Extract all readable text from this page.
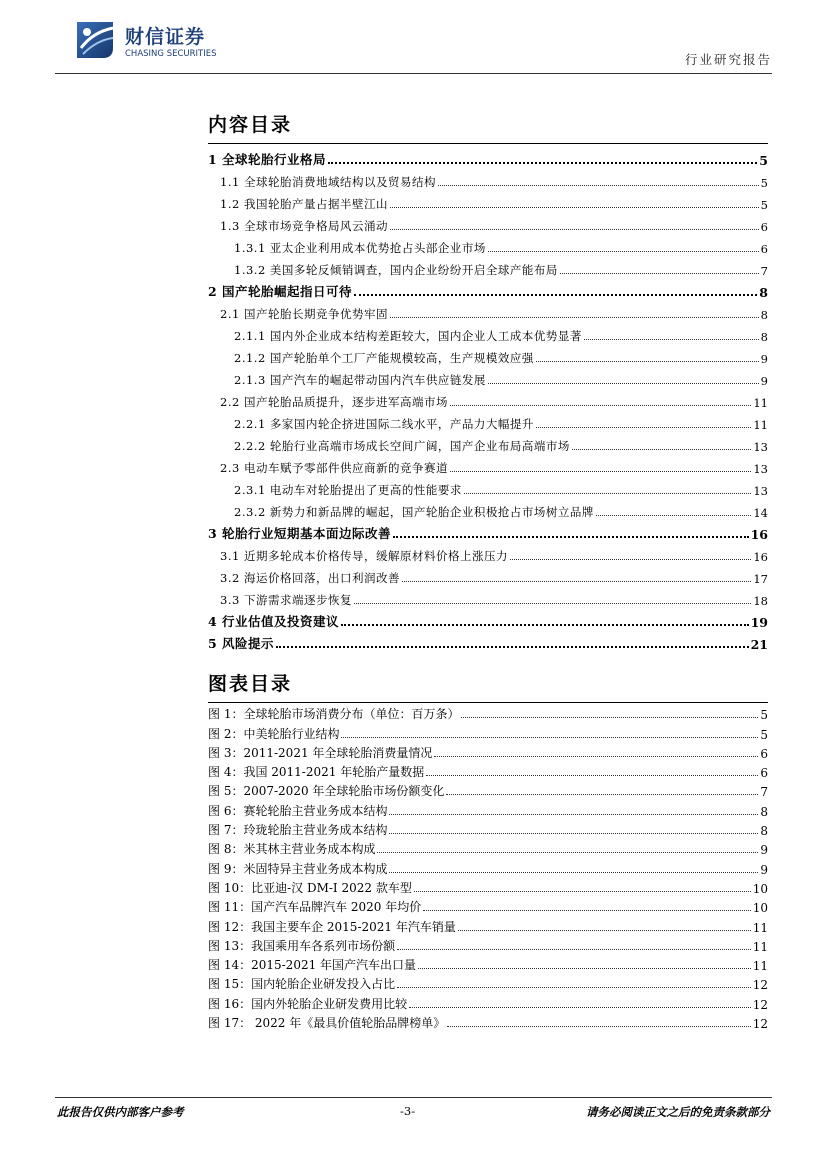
财信证券
CHASING SECURITIES	行业研究报告
内容目录
1 全球轮胎行业格局	5
1.1 全球轮胎消费地域结构以及贸易结构	5
1.2 我国轮胎产量占据半壁江山	5
1.3 全球市场竞争格局风云涌动	6
1.3.1 亚太企业利用成本优势抢占头部企业市场	6
1.3.2 美国多轮反倾销调查，国内企业纷纷开启全球产能布局	7
2 国产轮胎崛起指日可待	8
2.1 国产轮胎长期竞争优势牢固	8
2.1.1 国内外企业成本结构差距较大，国内企业人工成本优势显著	8
2.1.2 国产轮胎单个工厂产能规模较高，生产规模效应强	9
2.1.3 国产汽车的崛起带动国内汽车供应链发展	9
2.2 国产轮胎品质提升，逐步进军高端市场	11
2.2.1 多家国内轮企挤进国际二线水平，产品力大幅提升	11
2.2.2 轮胎行业高端市场成长空间广阔，国产企业布局高端市场	13
2.3 电动车赋予零部件供应商新的竞争赛道	13
2.3.1 电动车对轮胎提出了更高的性能要求	13
2.3.2 新势力和新品牌的崛起，国产轮胎企业积极抢占市场树立品牌	14
3 轮胎行业短期基本面边际改善	16
3.1 近期多轮成本价格传导，缓解原材料价格上涨压力	16
3.2 海运价格回落，出口利润改善	17
3.3 下游需求端逐步恢复	18
4 行业估值及投资建议	19
5 风险提示	21
图表目录
图 1：全球轮胎市场消费分布（单位：百万条）	5
图 2：中美轮胎行业结构	5
图 3：2011-2021 年全球轮胎消费量情况	6
图 4：我国 2011-2021 年轮胎产量数据	6
图 5：2007-2020 年全球轮胎市场份额变化	7
图 6：赛轮轮胎主营业务成本结构	8
图 7：玲珑轮胎主营业务成本结构	8
图 8：米其林主营业务成本构成	9
图 9：米固特异主营业务成本构成	9
图 10：比亚迪-汉 DM-I 2022 款车型	10
图 11：国产汽车品牌汽车 2020 年均价	10
图 12：我国主要车企 2015-2021 年汽车销量	11
图 13：我国乘用车各系列市场份额	11
图 14：2015-2021 年国产汽车出口量	11
图 15：国内轮胎企业研发投入占比	12
图 16：国内外轮胎企业研发费用比较	12
图 17： 2022 年《最具价值轮胎品牌榜单》	12
此报告仅供内部客户参考	-3-	请务必阅读正文之后的免责条款部分
